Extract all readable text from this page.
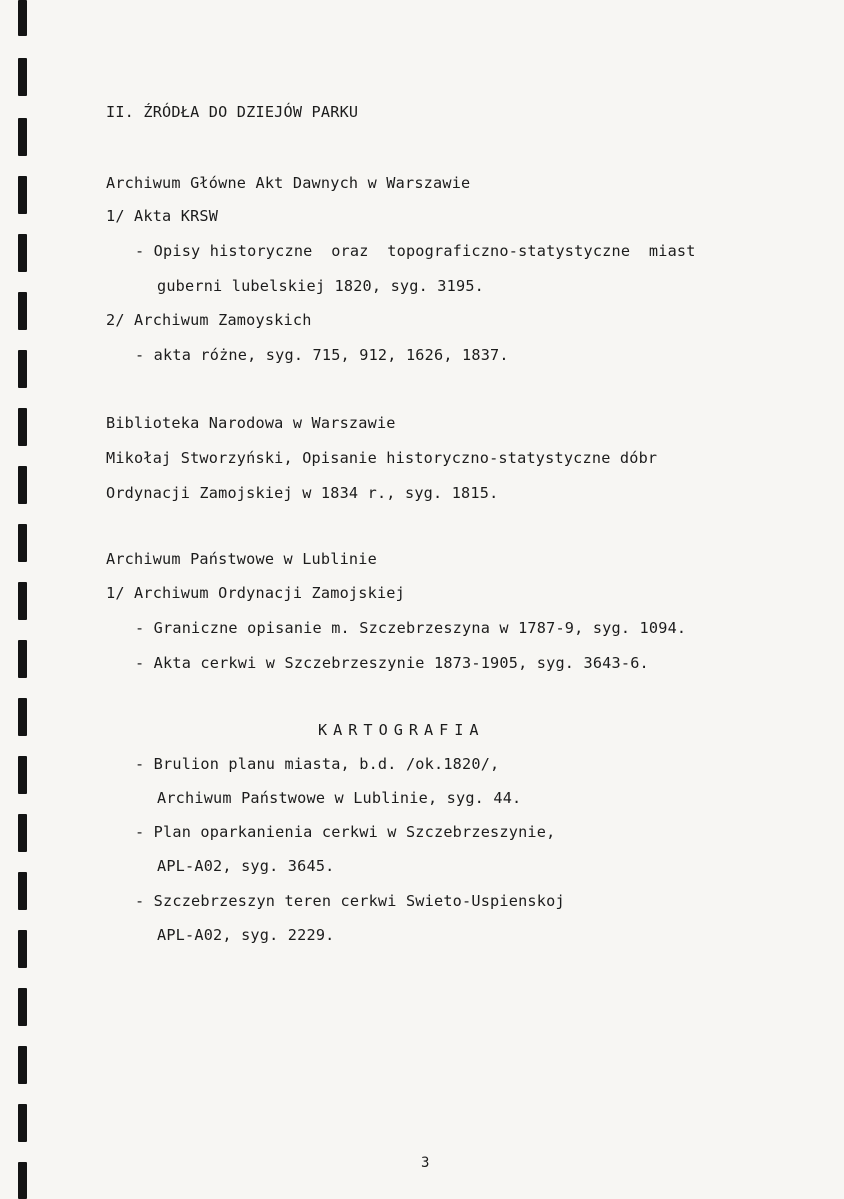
II. ŹRÓDŁA DO DZIEJÓW PARKU
Archiwum Główne Akt Dawnych w Warszawie
1/ Akta KRSW
- Opisy historyczne  oraz  topograficzno-statystyczne  miast
guberni lubelskiej 1820, syg. 3195.
2/ Archiwum Zamoyskich
- akta różne, syg. 715, 912, 1626, 1837.
Biblioteka Narodowa w Warszawie
Mikołaj Stworzyński, Opisanie historyczno-statystyczne dóbr
Ordynacji Zamojskiej w 1834 r., syg. 1815.
Archiwum Państwowe w Lublinie
1/ Archiwum Ordynacji Zamojskiej
- Graniczne opisanie m. Szczebrzeszyna w 1787-9, syg. 1094.
- Akta cerkwi w Szczebrzeszynie 1873-1905, syg. 3643-6.
KARTOGRAFIA
- Brulion planu miasta, b.d. /ok.1820/,
Archiwum Państwowe w Lublinie, syg. 44.
- Plan oparkanienia cerkwi w Szczebrzeszynie,
APL-A02, syg. 3645.
- Szczebrzeszyn teren cerkwi Swieto-Uspienskoj
APL-A02, syg. 2229.
3
